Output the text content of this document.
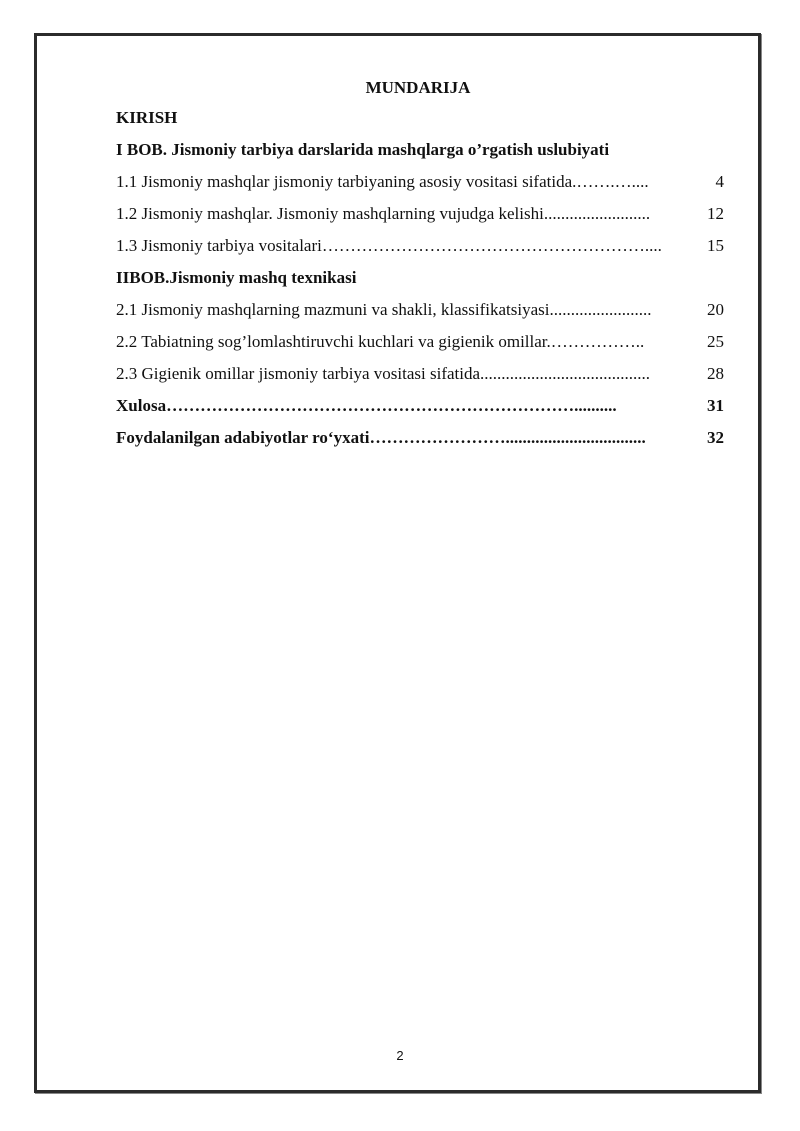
MUNDARIJA
KIRISH
I BOB. Jismoniy tarbiya darslarida mashqlarga o’rgatish uslubiyati
1.1 Jismoniy mashqlar jismoniy tarbiyaning asosiy vositasi sifatida. …….…....	4
1.2 Jismoniy mashqlar. Jismoniy mashqlarning vujudga kelishi .........................	12
1.3 Jismoniy tarbiya vositalari …………………………………………………....	15
IIBOB.Jismoniy mashq texnikasi
2.1 Jismoniy mashqlarning mazmuni va shakli, klassifikatsiyasi ........................	20
2.2 Tabiatning sog’lomlashtiruvchi kuchlari va gigienik omillar. ……………..	25
2.3 Gigienik omillar jismoniy tarbiya vositasi sifatida ........................................	28
Xulosa ………………………………………………………………..........	31
Foydalanilgan adabiyotlar ro‘yxati …………………….................................	32
2
